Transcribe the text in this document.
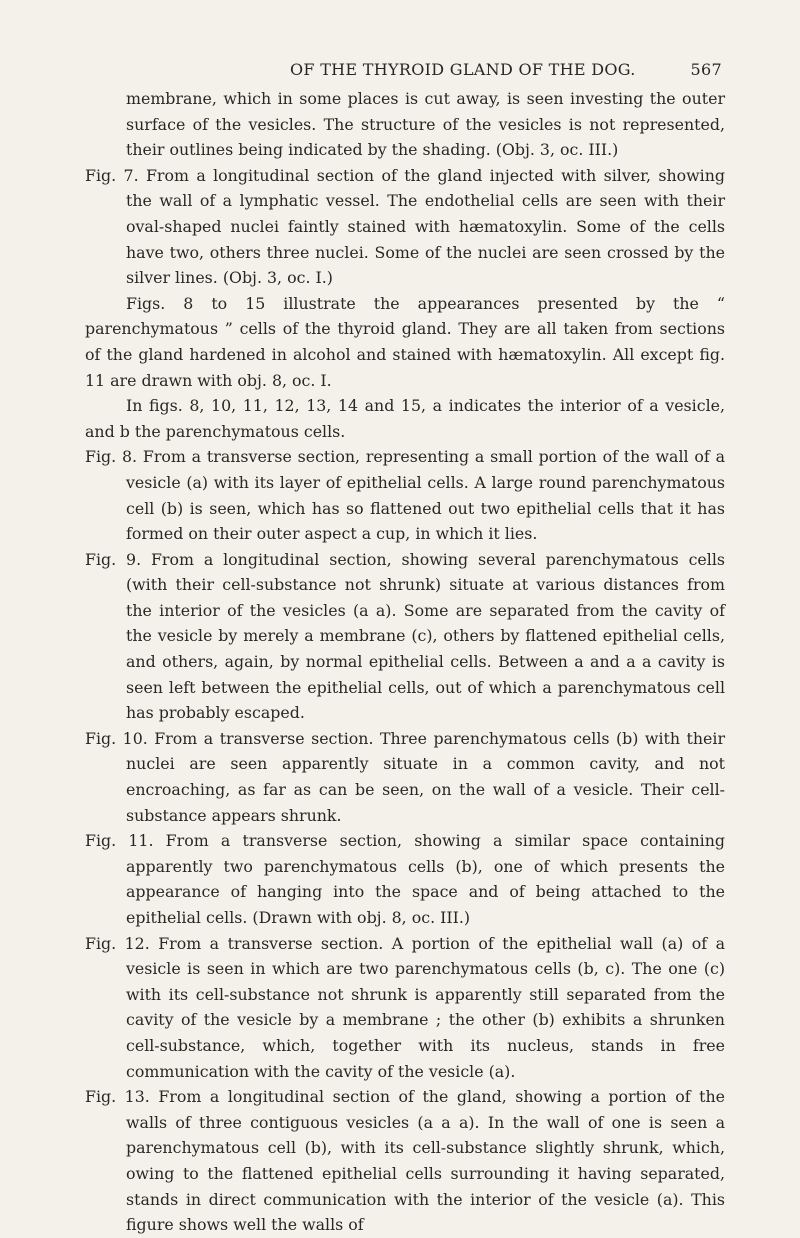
OF THE THYROID GLAND OF THE DOG.	567

membrane, which in some places is cut away, is seen investing the outer surface of the vesicles. The structure of the vesicles is not represented, their outlines being indicated by the shading. (Obj. 3, oc. III.)

Fig. 7. From a longitudinal section of the gland injected with silver, showing the wall of a lymphatic vessel. The endothelial cells are seen with their oval-shaped nuclei faintly stained with hæmatoxylin. Some of the cells have two, others three nuclei. Some of the nuclei are seen crossed by the silver lines. (Obj. 3, oc. I.)

Figs. 8 to 15 illustrate the appearances presented by the “ parenchymatous ” cells of the thyroid gland. They are all taken from sections of the gland hardened in alcohol and stained with hæmatoxylin. All except fig. 11 are drawn with obj. 8, oc. I.

In figs. 8, 10, 11, 12, 13, 14 and 15, a indicates the interior of a vesicle, and b the parenchymatous cells.

Fig. 8. From a transverse section, representing a small portion of the wall of a vesicle (a) with its layer of epithelial cells. A large round parenchymatous cell (b) is seen, which has so flattened out two epithelial cells that it has formed on their outer aspect a cup, in which it lies.

Fig. 9. From a longitudinal section, showing several parenchymatous cells (with their cell-substance not shrunk) situate at various distances from the interior of the vesicles (a a). Some are separated from the cavity of the vesicle by merely a membrane (c), others by flattened epithelial cells, and others, again, by normal epithelial cells. Between a and a a cavity is seen left between the epithelial cells, out of which a parenchymatous cell has probably escaped.

Fig. 10. From a transverse section. Three parenchymatous cells (b) with their nuclei are seen apparently situate in a common cavity, and not encroaching, as far as can be seen, on the wall of a vesicle. Their cell-substance appears shrunk.

Fig. 11. From a transverse section, showing a similar space containing apparently two parenchymatous cells (b), one of which presents the appearance of hanging into the space and of being attached to the epithelial cells. (Drawn with obj. 8, oc. III.)

Fig. 12. From a transverse section. A portion of the epithelial wall (a) of a vesicle is seen in which are two parenchymatous cells (b, c). The one (c) with its cell-substance not shrunk is apparently still separated from the cavity of the vesicle by a membrane ; the other (b) exhibits a shrunken cell-substance, which, together with its nucleus, stands in free communication with the cavity of the vesicle (a).

Fig. 13. From a longitudinal section of the gland, showing a portion of the walls of three contiguous vesicles (a a a). In the wall of one is seen a parenchymatous cell (b), with its cell-substance slightly shrunk, which, owing to the flattened epithelial cells surrounding it having separated, stands in direct communication with the interior of the vesicle (a). This figure shows well the walls of
